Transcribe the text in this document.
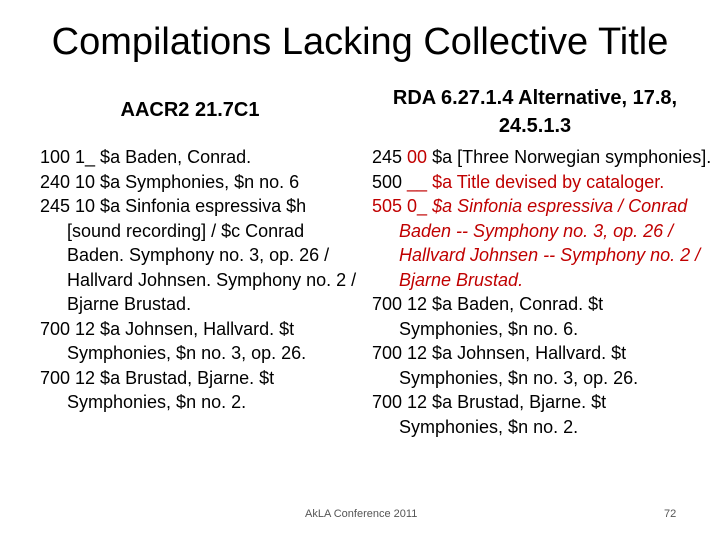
Compilations Lacking Collective Title
AACR2 21.7C1
RDA 6.27.1.4 Alternative, 17.8,
24.5.1.3

100 1_ $a Baden, Conrad.

240 10 $a Symphonies, $n no. 6

245 10 $a Sinfonia espressiva $h [sound recording] / $c Conrad Baden. Symphony no. 3, op. 26 / Hallvard Johnsen. Symphony no. 2 / Bjarne Brustad.

700 12 $a Johnsen, Hallvard. $t Symphonies, $n no. 3, op. 26.

700 12 $a Brustad, Bjarne. $t Symphonies, $n no. 2.

245 00 $a [Three Norwegian symphonies].

500 __ $a Title devised by cataloger.

505 0_ $a Sinfonia espressiva / Conrad Baden -- Symphony no. 3, op. 26 / Hallvard Johnsen -- Symphony no. 2 / Bjarne Brustad.

700 12 $a Baden, Conrad. $t Symphonies, $n no. 6.

700 12 $a Johnsen, Hallvard. $t Symphonies, $n no. 3, op. 26.

700 12 $a Brustad, Bjarne. $t Symphonies, $n no. 2.

AkLA Conference 2011	72
